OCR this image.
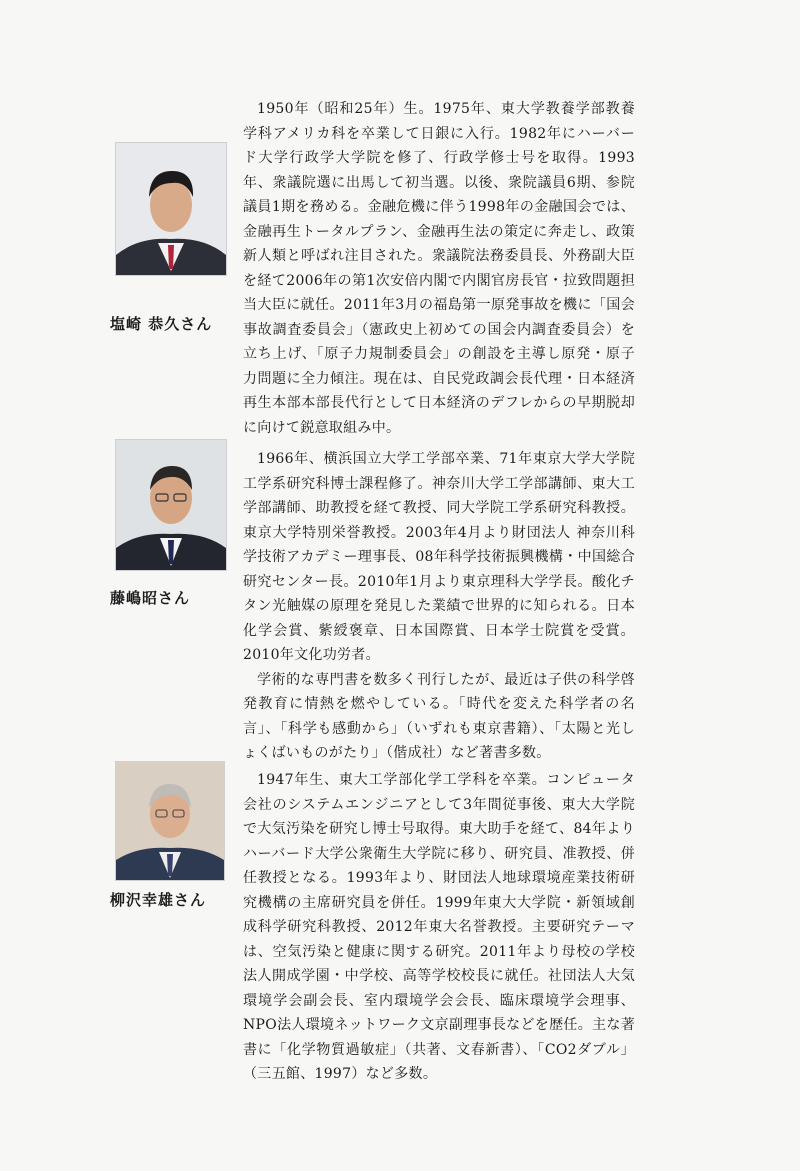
塩崎 恭久さん

1950年（昭和25年）生。1975年、東大学教養学部教養学科アメリカ科を卒業して日銀に入行。1982年にハーバード大学行政学大学院を修了、行政学修士号を取得。1993年、衆議院選に出馬して初当選。以後、衆院議員6期、参院議員1期を務める。金融危機に伴う1998年の金融国会では、金融再生トータルプラン、金融再生法の策定に奔走し、政策新人類と呼ばれ注目された。衆議院法務委員長、外務副大臣を経て2006年の第1次安倍内閣で内閣官房長官・拉致問題担当大臣に就任。2011年3月の福島第一原発事故を機に「国会事故調査委員会」（憲政史上初めての国会内調査委員会）を立ち上げ、「原子力規制委員会」の創設を主導し原発・原子力問題に全力傾注。現在は、自民党政調会長代理・日本経済再生本部本部長代行として日本経済のデフレからの早期脱却に向けて鋭意取組み中。

藤嶋昭さん

1966年、横浜国立大学工学部卒業、71年東京大学大学院工学系研究科博士課程修了。神奈川大学工学部講師、東大工学部講師、助教授を経て教授、同大学院工学系研究科教授。東京大学特別栄誉教授。2003年4月より財団法人 神奈川科学技術アカデミー理事長、08年科学技術振興機構・中国総合研究センター長。2010年1月より東京理科大学学長。酸化チタン光触媒の原理を発見した業績で世界的に知られる。日本化学会賞、紫綬褒章、日本国際賞、日本学士院賞を受賞。2010年文化功労者。

学術的な専門書を数多く刊行したが、最近は子供の科学啓発教育に情熱を燃やしている。「時代を変えた科学者の名言」、「科学も感動から」（いずれも東京書籍）、「太陽と光しょくばいものがたり」（偕成社）など著書多数。

柳沢幸雄さん

1947年生、東大工学部化学工学科を卒業。コンピュータ会社のシステムエンジニアとして3年間従事後、東大大学院で大気汚染を研究し博士号取得。東大助手を経て、84年よりハーバード大学公衆衛生大学院に移り、研究員、准教授、併任教授となる。1993年より、財団法人地球環境産業技術研究機構の主席研究員を併任。1999年東大大学院・新領域創成科学研究科教授、2012年東大名誉教授。主要研究テーマは、空気汚染と健康に関する研究。2011年より母校の学校法人開成学園・中学校、高等学校校長に就任。社団法人大気環境学会副会長、室内環境学会会長、臨床環境学会理事、NPO法人環境ネットワーク文京副理事長などを歴任。主な著書に「化学物質過敏症」（共著、文春新書）、「CO2ダブル」（三五館、1997）など多数。
